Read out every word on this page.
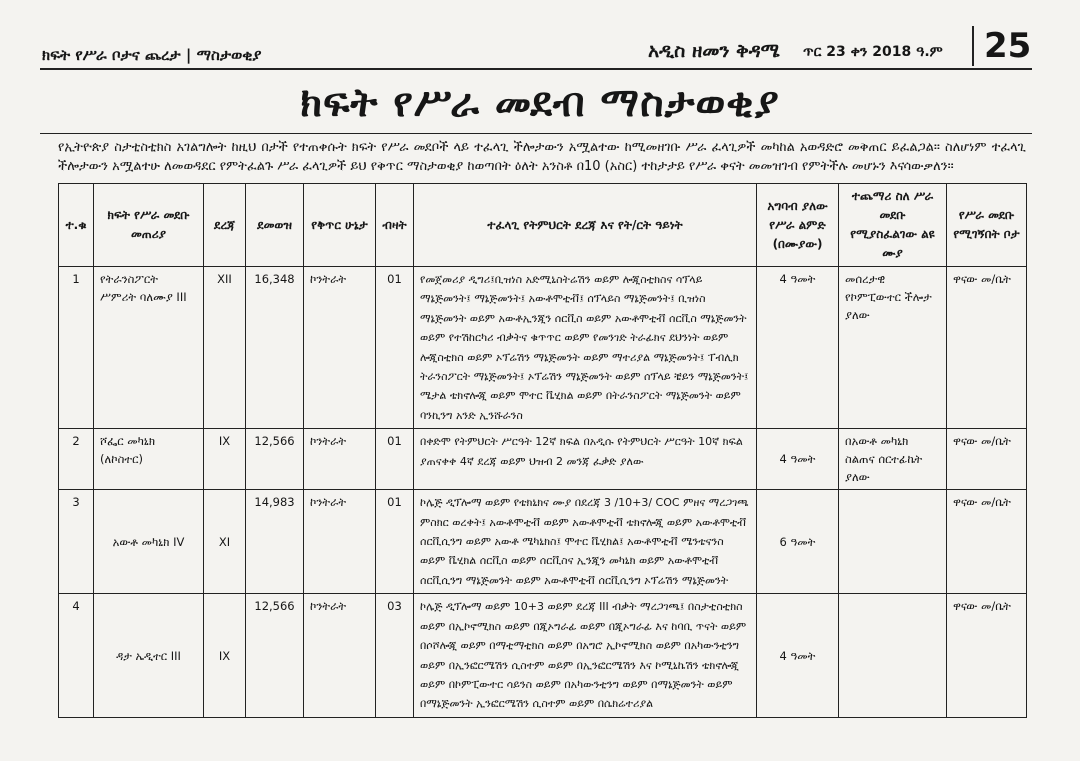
ክፍት የሥራ ቦታና ጨረታ | ማስታወቂያ	አዲስ ዘመን ቅዳሜ ጥር 23 ቀን 2018 ዓ.ም	25
ክፍት የሥራ መደብ ማስታወቂያ
የኢትዮጵያ ስታቲስቲክስ አገልግሎት ከዚህ በታች የተጠቀሱት ክፍት የሥራ መደቦች ላይ ተፈላጊ ችሎታውን አሟልተው ከሚመዘገቡ ሥራ ፈላጊዎች መካከል አወዳድሮ መቅጠር ይፈልጋል። ስለሆነም ተፈላጊ ችሎታውን አሟልተሁ ለመወዳደር የምትፈልጉ ሥራ ፈላጊዎች ይህ የቅጥር ማስታወቂያ ከወጣበት ዕለት አንስቶ በ10 (አስር) ተከታታይ የሥራ ቀናት መመዝገብ የምትችሉ መሆኑን እናሳውቃለን።
ተ.ቁ	ክፍት የሥራ መደቡ መጠሪያ	ደረጃ	ደመወዝ	የቅጥር ሁኔታ	ብዛት	ተፈላጊ የትምህርት ደረጃ እና የት/ርት ዓይነት	አግባብ ያለው የሥራ ልምድ (በሙያው)	ተጨማሪ ስለ ሥራ መደቡ የሚያስፈልገው ልዩ ሙያ	የሥራ መደቡ የሚገኝበት ቦታ
1	የትራንስፖርት ሥምሪት ባለሙያ III	XII	16,348	ኮንትራት	01	የመጀመሪያ ዲግሪ፤ቢዝነስ አድሚኒስትሬሽን ወይም ሎጂስቲክስና ሳፕላይ ማኔጅመንት፤ ማኔጅመንት፤ አውቶሞቲቭ፤ ሰፕላይስ ማኔጅመንት፤ ቢዝነስ ማኔጅመንት ወይም አውቶኢንጂን ሰርቪስ ወይም አውቶሞቲቭ ሰርቪስ ማኔጅመንት ወይም የተሽከርካሪ ብቃትና ቁጥጥር ወይም የመንገድ ትራፊክና ደህንነት ወይም ሎጂስቲክስ ወይም ኦፕሬሽን ማኔጅመንት ወይም ማተሪያል ማኔጅመንት፤ ፐብሊክ ትራንስፖርት ማኔጅመንት፤ ኦፕሬሽን ማኔጅመንት ወይም ሰፕላይ ቼይን ማኔጅመንት፤ ሜታል ቴክኖሎጂ ወይም ሞተር ቬሂክል ወይም በትራንስፖርት ማኔጅመንት ወይም ባንኪንግ አንድ ኢንሹራንስ	4 ዓመት	መሰረታዊ የኮምፒውተር ችሎታ ያለው	ዋናው መ/ቤት
2	ሾፌር መካኒክ (ለኮስተር)	IX	12,566	ኮንትራት	01	በቀድሞ የትምህርት ሥርዓት 12ኛ ክፍል በአዲሱ የትምህርት ሥርዓት 10ኛ ክፍል ያጠናቀቀ 4ኛ ደረጃ ወይም ህዝብ 2 መንጃ ፈቃድ ያለው	4 ዓመት	በአውቶ መካኒክ ስልጠና ሰርተፊኬት ያለው	ዋናው መ/ቤት
3	አውቶ መካኒክ IV	XI	14,983	ኮንትራት	01	ኮሌጅ ዲፕሎማ ወይም የቴክኒክና ሙያ በደረጃ 3 /10+3/ COC ምዘና ማረጋገጫ ምስክር ወረቀት፤ አውቶሞቲቭ ወይም አውቶሞቲቭ ቴክኖሎጂ ወይም አውቶሞቲቭ ሰርቪሲንግ ወይም አውቶ ሜካኒክስ፤ ሞተር ቬሂክል፤ አውቶሞቲቭ ሜንቴናንስ ወይም ቬሂክል ሰርቪስ ወይም ሰርቪስና ኢንጂን መካኒክ ወይም አውቶሞቲቭ ሰርቪሲንግ ማኔጅመንት ወይም አውቶሞቲቭ ሰርቪሲንግ ኦፕሬሽን ማኔጅመንት	6 ዓመት		ዋናው መ/ቤት
4	ዳታ ኤዲተር III	IX	12,566	ኮንትራት	03	ኮሌጅ ዲፕሎማ ወይም 10+3 ወይም ደረጃ III ብቃት ማረጋገጫ፤ በስታቲስቲክስ ወይም በኢኮኖሚክስ ወይም በጂኦግራፊ ወይም በጂኦግራፊ እና ከባቢ ጥናት ወይም በሶሾሎጂ ወይም በማቲማቲክስ ወይም በአግሮ ኢኮኖሚክስ ወይም በአካውንቲንግ ወይም በኢንፎርሜሽን ሲስተም ወይም በኢንፎርሜሽን እና ኮሚኒኬሽን ቴክኖሎጂ ወይም በኮምፒውተር ሳይንስ ወይም በአካውንቲንግ ወይም በማኔጅመንት ወይም በማኔጅመንት ኢንፎርሜሽን ሲስተም ወይም በሴክሬተሪያል	4 ዓመት		ዋናው መ/ቤት
